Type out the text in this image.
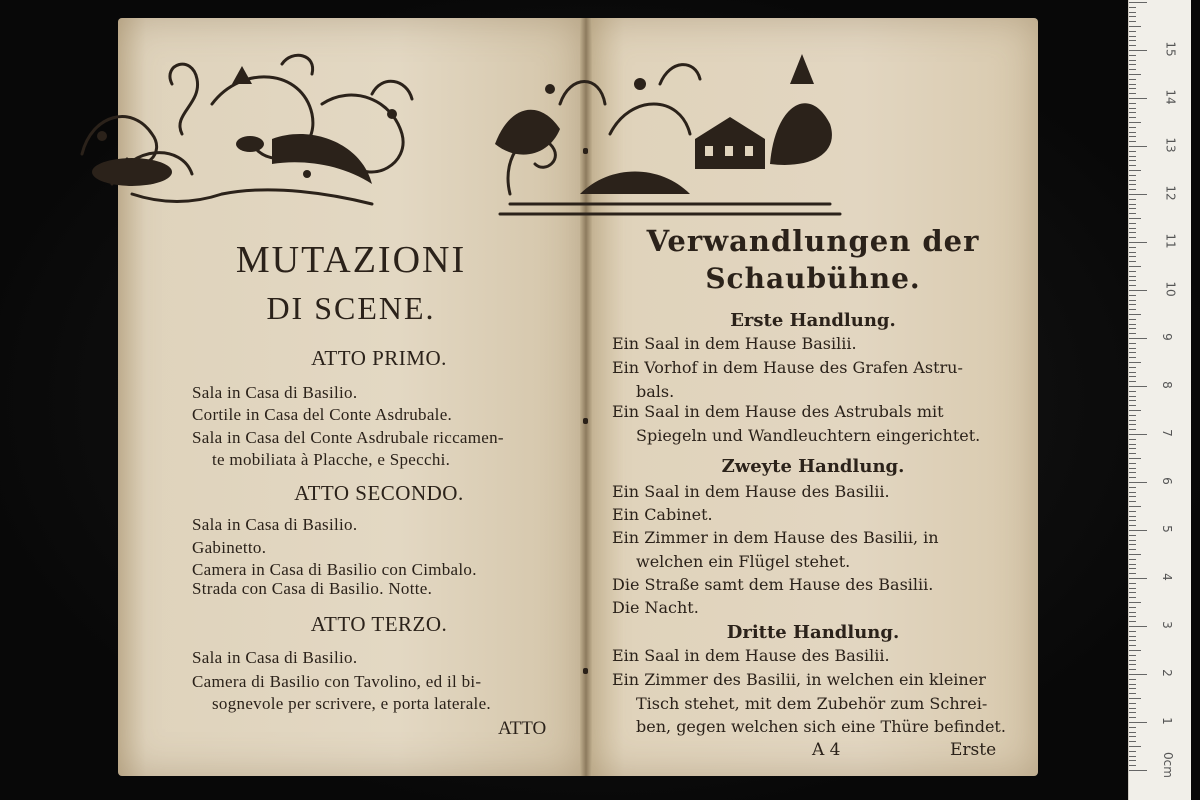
MUTAZIONI
DI SCENE.
ATTO PRIMO.
Sala in Casa di Basilio.
Cortile in Casa del Conte Asdrubale.
Sala in Casa del Conte Asdrubale riccamen-
te mobiliata à Placche, e Specchi.
ATTO SECONDO.
Sala in Casa di Basilio.
Gabinetto.
Camera in Casa di Basilio con Cimbalo.
Strada con Casa di Basilio. Notte.
ATTO TERZO.
Sala in Casa di Basilio.
Camera di Basilio con Tavolino, ed il bi-
sognevole per scrivere, e porta laterale.
ATTO
Verwandlungen der
Schaubühne.
Erste Handlung.
Ein Saal in dem Hause Basilii.
Ein Vorhof in dem Hause des Grafen Astru-
bals.
Ein Saal in dem Hause des Astrubals mit
Spiegeln und Wandleuchtern eingerichtet.
Zweyte Handlung.
Ein Saal in dem Hause des Basilii.
Ein Cabinet.
Ein Zimmer in dem Hause des Basilii, in
welchen ein Flügel stehet.
Die Straße samt dem Hause des Basilii.
Die Nacht.
Dritte Handlung.
Ein Saal in dem Hause des Basilii.
Ein Zimmer des Basilii, in welchen ein kleiner
Tisch stehet, mit dem Zubehör zum Schrei-
ben, gegen welchen sich eine Thüre befindet.
A 4	Erste
1
2
3
4
5
6
7
8
9
10
11
12
13
14
15
0cm
